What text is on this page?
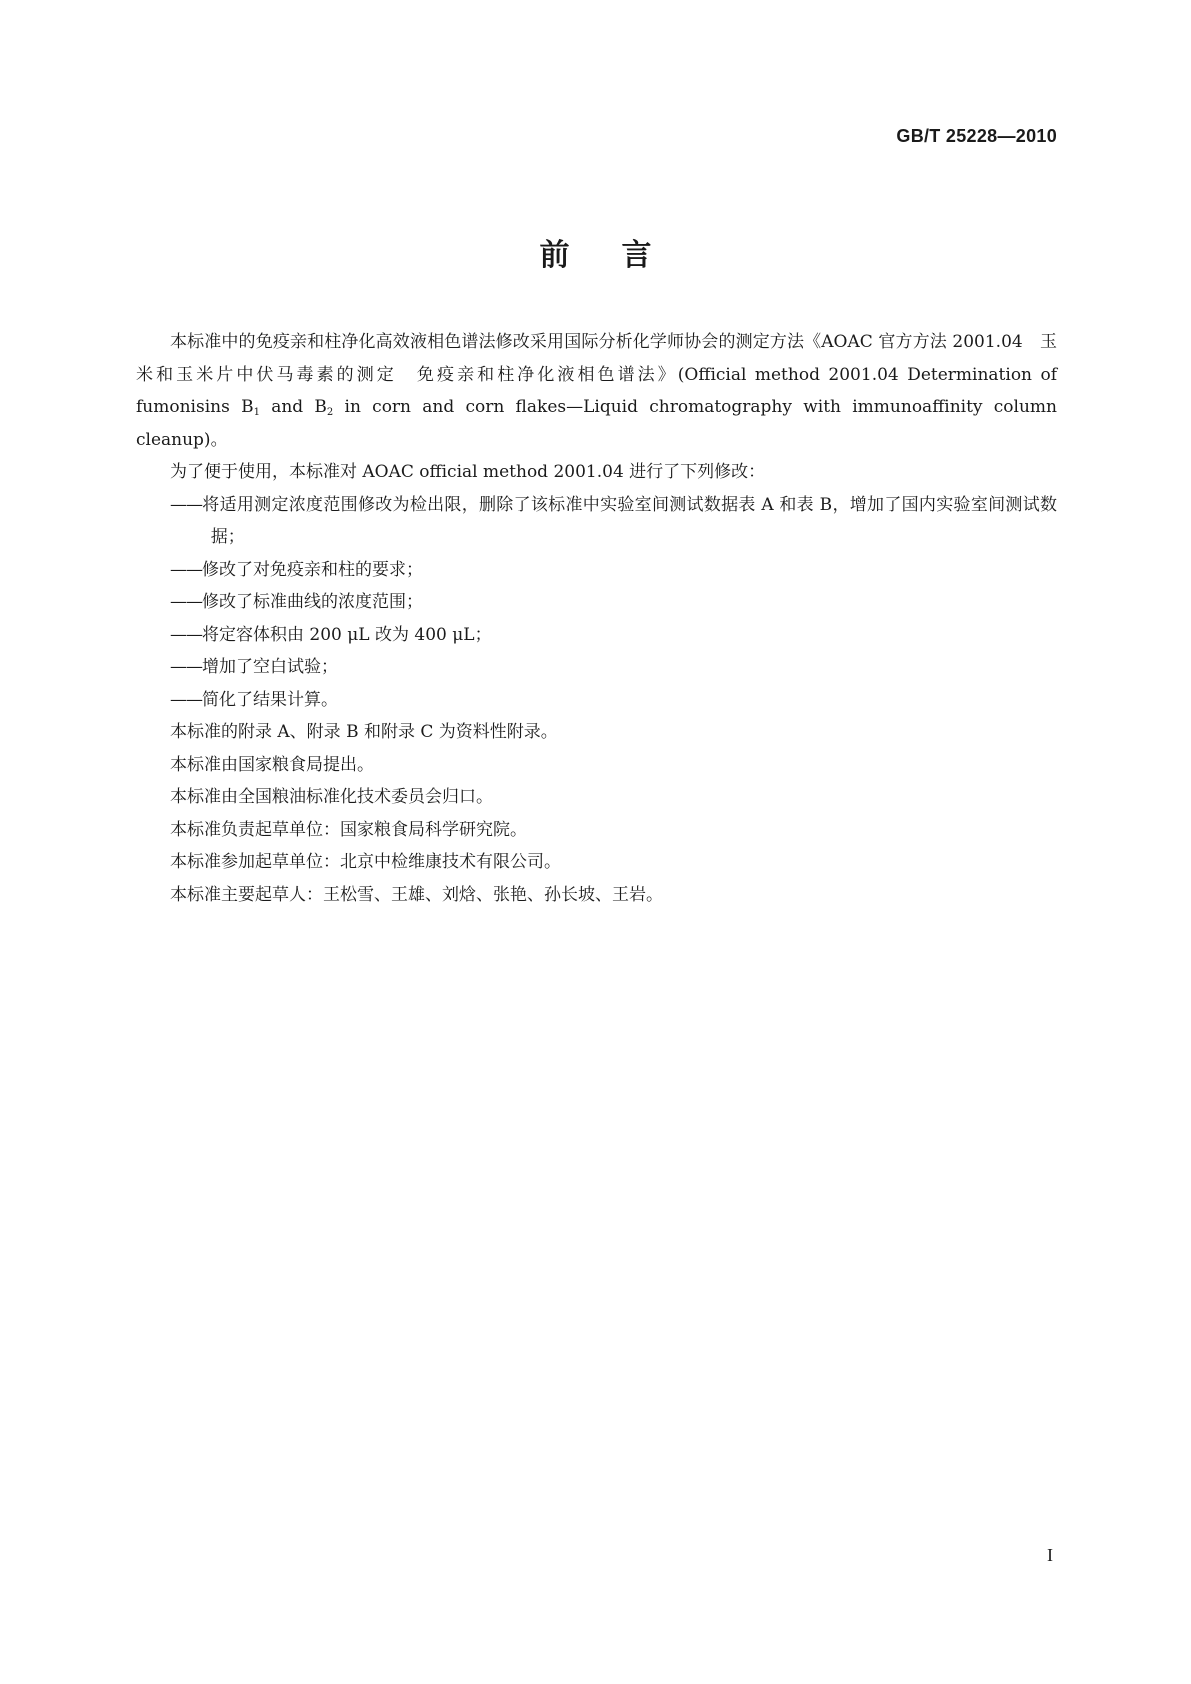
GB/T 25228—2010
前言

本标准中的免疫亲和柱净化高效液相色谱法修改采用国际分析化学师协会的测定方法《AOAC 官方方法 2001.04　玉米和玉米片中伏马毒素的测定　免疫亲和柱净化液相色谱法》(Official method 2001.04 Determination of fumonisins $B_1$ and $B_2$ in corn and corn flakes—Liquid chromatography with immunoaffinity column cleanup)。

为了便于使用，本标准对 AOAC official method 2001.04 进行了下列修改：

——将适用测定浓度范围修改为检出限，删除了该标准中实验室间测试数据表 A 和表 B，增加了国内实验室间测试数据；

——修改了对免疫亲和柱的要求；

——修改了标准曲线的浓度范围；

——将定容体积由 200 μL 改为 400 μL；

——增加了空白试验；

——简化了结果计算。

本标准的附录 A、附录 B 和附录 C 为资料性附录。

本标准由国家粮食局提出。

本标准由全国粮油标准化技术委员会归口。

本标准负责起草单位：国家粮食局科学研究院。

本标准参加起草单位：北京中检维康技术有限公司。

本标准主要起草人：王松雪、王雄、刘焓、张艳、孙长坡、王岩。

I
